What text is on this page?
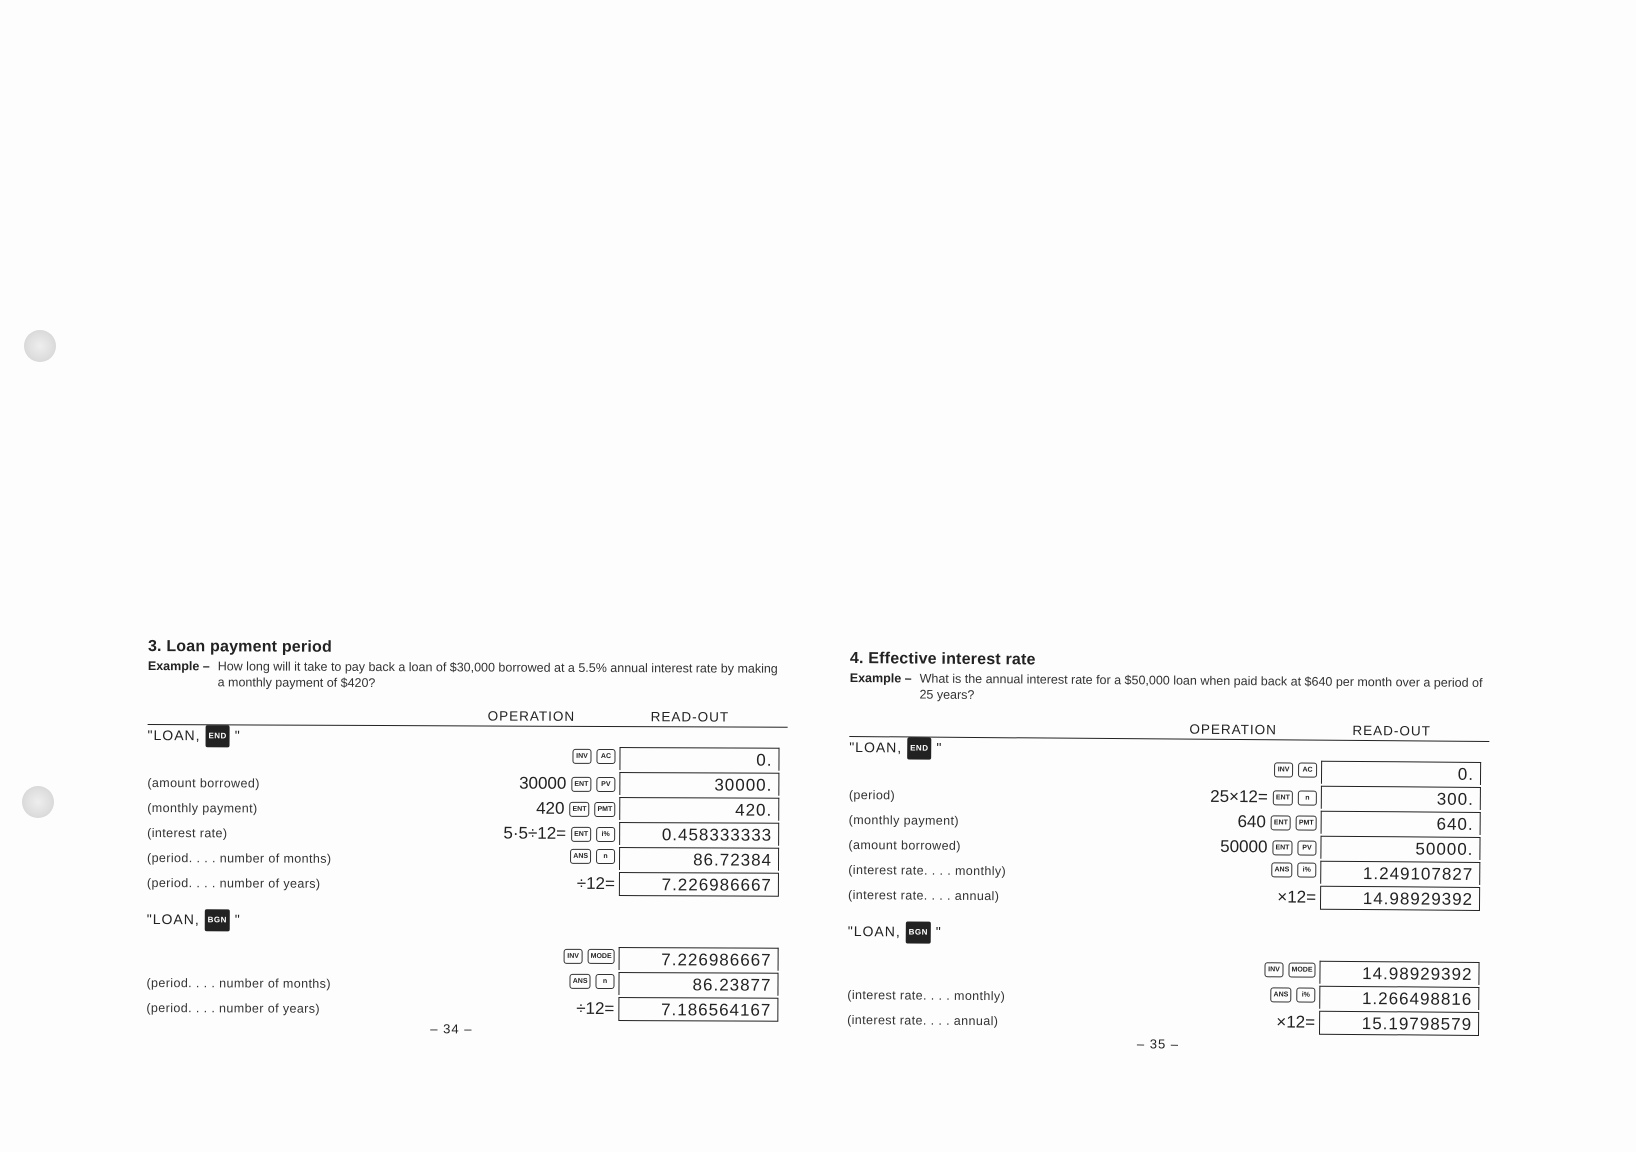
3. Loan payment period
Example – How long will it take to pay back a loan of $30,000 borrowed at a 5.5% annual interest rate by making a monthly payment of $420?
OPERATION	READ-OUT
"LOAN, END "
INV	AC	0.
(amount borrowed)	30000	ENT	PV	30000.
(monthly payment)	420	ENT	PMT	420.
(interest rate)	5·5÷12=	ENT	i%	0.458333333
(period. . . . number of months)	ANS	n	86.72384
(period. . . . number of years)	÷12=	7.226986667
"LOAN, BGN "
INV	MODE	7.226986667
(period. . . . number of months)	ANS	n	86.23877
(period. . . . number of years)	÷12=	7.186564167
– 34 –
4. Effective interest rate
Example – What is the annual interest rate for a $50,000 loan when paid back at $640 per month over a period of 25 years?
OPERATION	READ-OUT
"LOAN, END "
INV	AC	0.
(period)	25×12=	ENT	n	300.
(monthly payment)	640	ENT	PMT	640.
(amount borrowed)	50000	ENT	PV	50000.
(interest rate. . . . monthly)	ANS	i%	1.249107827
(interest rate. . . . annual)	×12=	14.98929392
"LOAN, BGN "
INV	MODE	14.98929392
(interest rate. . . . monthly)	ANS	i%	1.266498816
(interest rate. . . . annual)	×12=	15.19798579
– 35 –
